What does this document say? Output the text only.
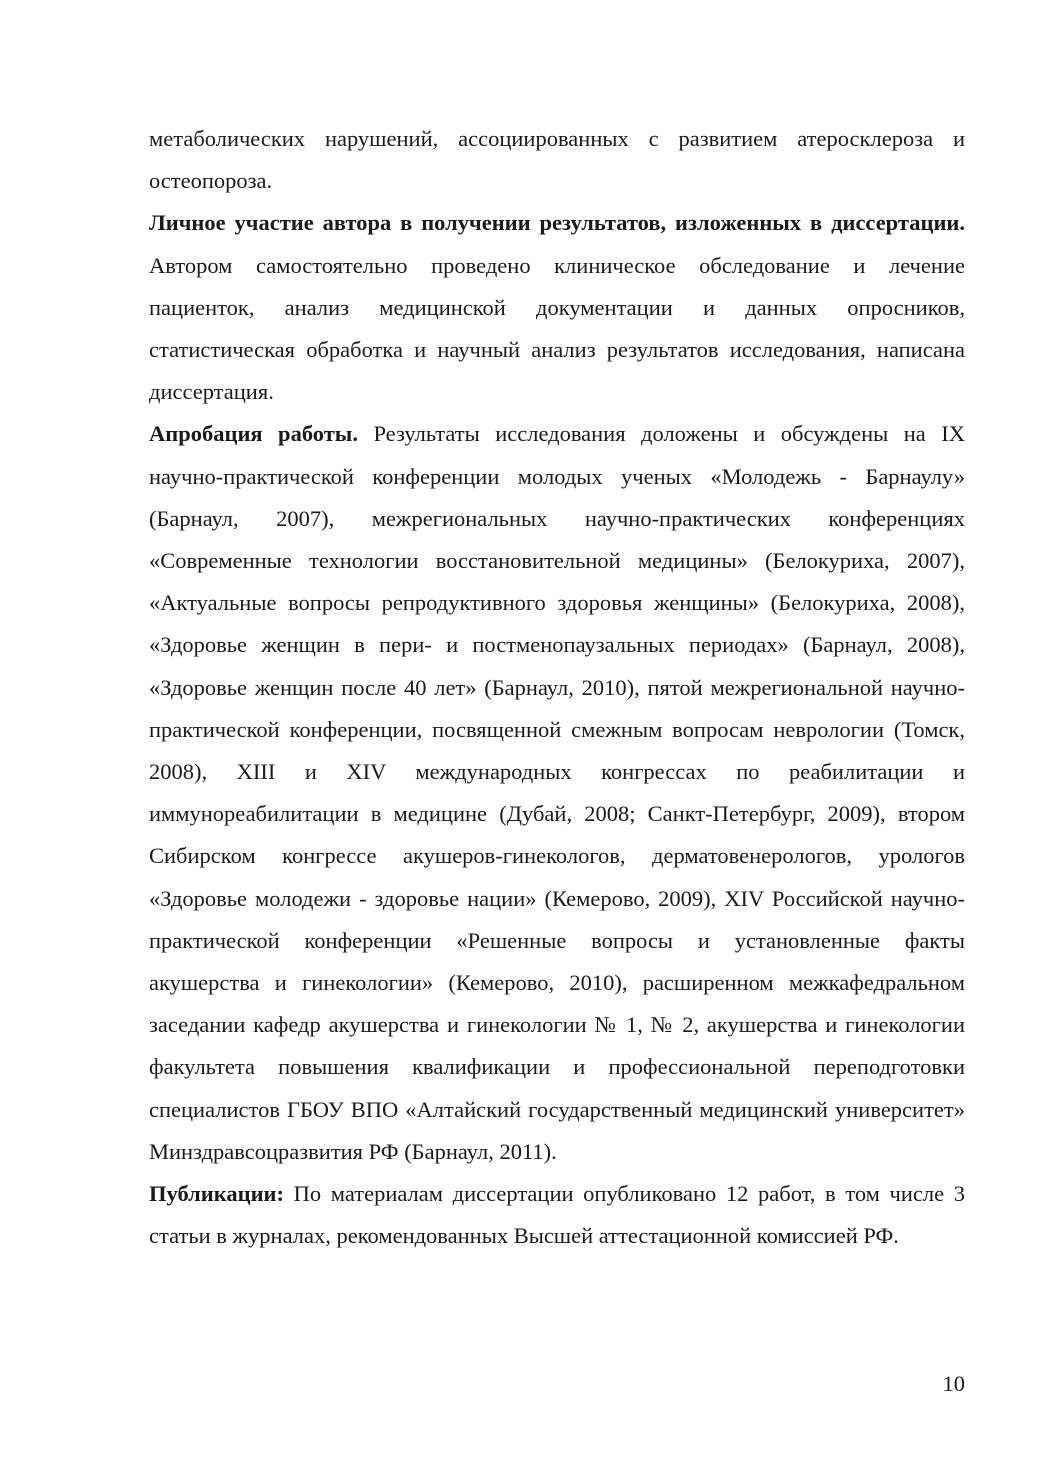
метаболических нарушений, ассоциированных с развитием атеросклероза и остеопороза.

Личное участие автора в получении результатов, изложенных в диссертации. Автором самостоятельно проведено клиническое обследование и лечение пациенток, анализ медицинской документации и данных опросников, статистическая обработка и научный анализ результатов исследования, написана диссертация.

Апробация работы. Результаты исследования доложены и обсуждены на IX научно-практической конференции молодых ученых «Молодежь - Барнаулу» (Барнаул, 2007), межрегиональных научно-практических конференциях «Современные технологии восстановительной медицины» (Белокуриха, 2007), «Актуальные вопросы репродуктивного здоровья женщины» (Белокуриха, 2008), «Здоровье женщин в пери- и постменопаузальных периодах» (Барнаул, 2008), «Здоровье женщин после 40 лет» (Барнаул, 2010), пятой межрегиональной научно-практической конференции, посвященной смежным вопросам неврологии (Томск, 2008), XIII и XIV международных конгрессах по реабилитации и иммунореабилитации в медицине (Дубай, 2008; Санкт-Петербург, 2009), втором Сибирском конгрессе акушеров-гинекологов, дерматовенерологов, урологов «Здоровье молодежи - здоровье нации» (Кемерово, 2009), XIV Российской научно-практической конференции «Решенные вопросы и установленные факты акушерства и гинекологии» (Кемерово, 2010), расширенном межкафедральном заседании кафедр акушерства и гинекологии № 1, № 2, акушерства и гинекологии факультета повышения квалификации и профессиональной переподготовки специалистов ГБОУ ВПО «Алтайский государственный медицинский университет» Минздравсоцразвития РФ (Барнаул, 2011).

Публикации: По материалам диссертации опубликовано 12 работ, в том числе 3 статьи в журналах, рекомендованных Высшей аттестационной комиссией РФ.

10
